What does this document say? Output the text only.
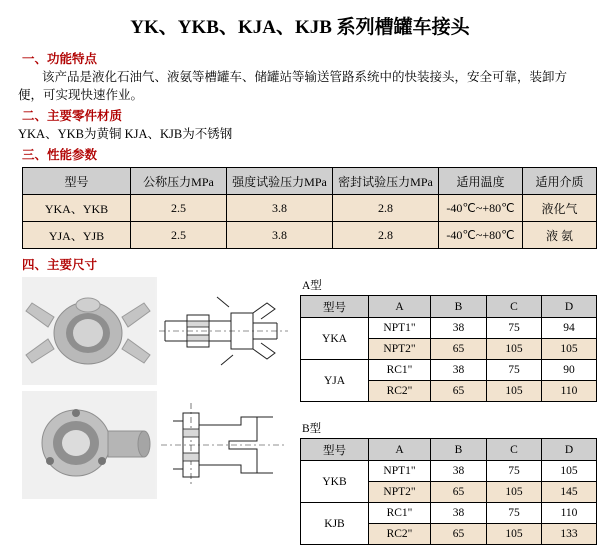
YK、YKB、KJA、KJB 系列槽罐车接头
一、功能特点
该产品是液化石油气、液氨等槽罐车、储罐站等输送管路系统中的快装接头，安全可靠，装卸方便，可实现快速作业。
二、主要零件材质
YKA、YKB为黄铜 KJA、KJB为不锈钢
三、性能参数
型号	公称压力MPa	强度试验压力MPa	密封试验压力MPa	适用温度	适用介质
YKA、YKB	2.5	3.8	2.8	-40℃~+80℃	液化气
YJA、YJB	2.5	3.8	2.8	-40℃~+80℃	液 氨
四、主要尺寸
A型
型号	A	B	C	D
YKA	NPT1"	38	75	94
	NPT2"	65	105	105
YJA	RC1"	38	75	90
	RC2"	65	105	110
B型
型号	A	B	C	D
YKB	NPT1"	38	75	105
	NPT2"	65	105	145
KJB	RC1"	38	75	110
	RC2"	65	105	133
